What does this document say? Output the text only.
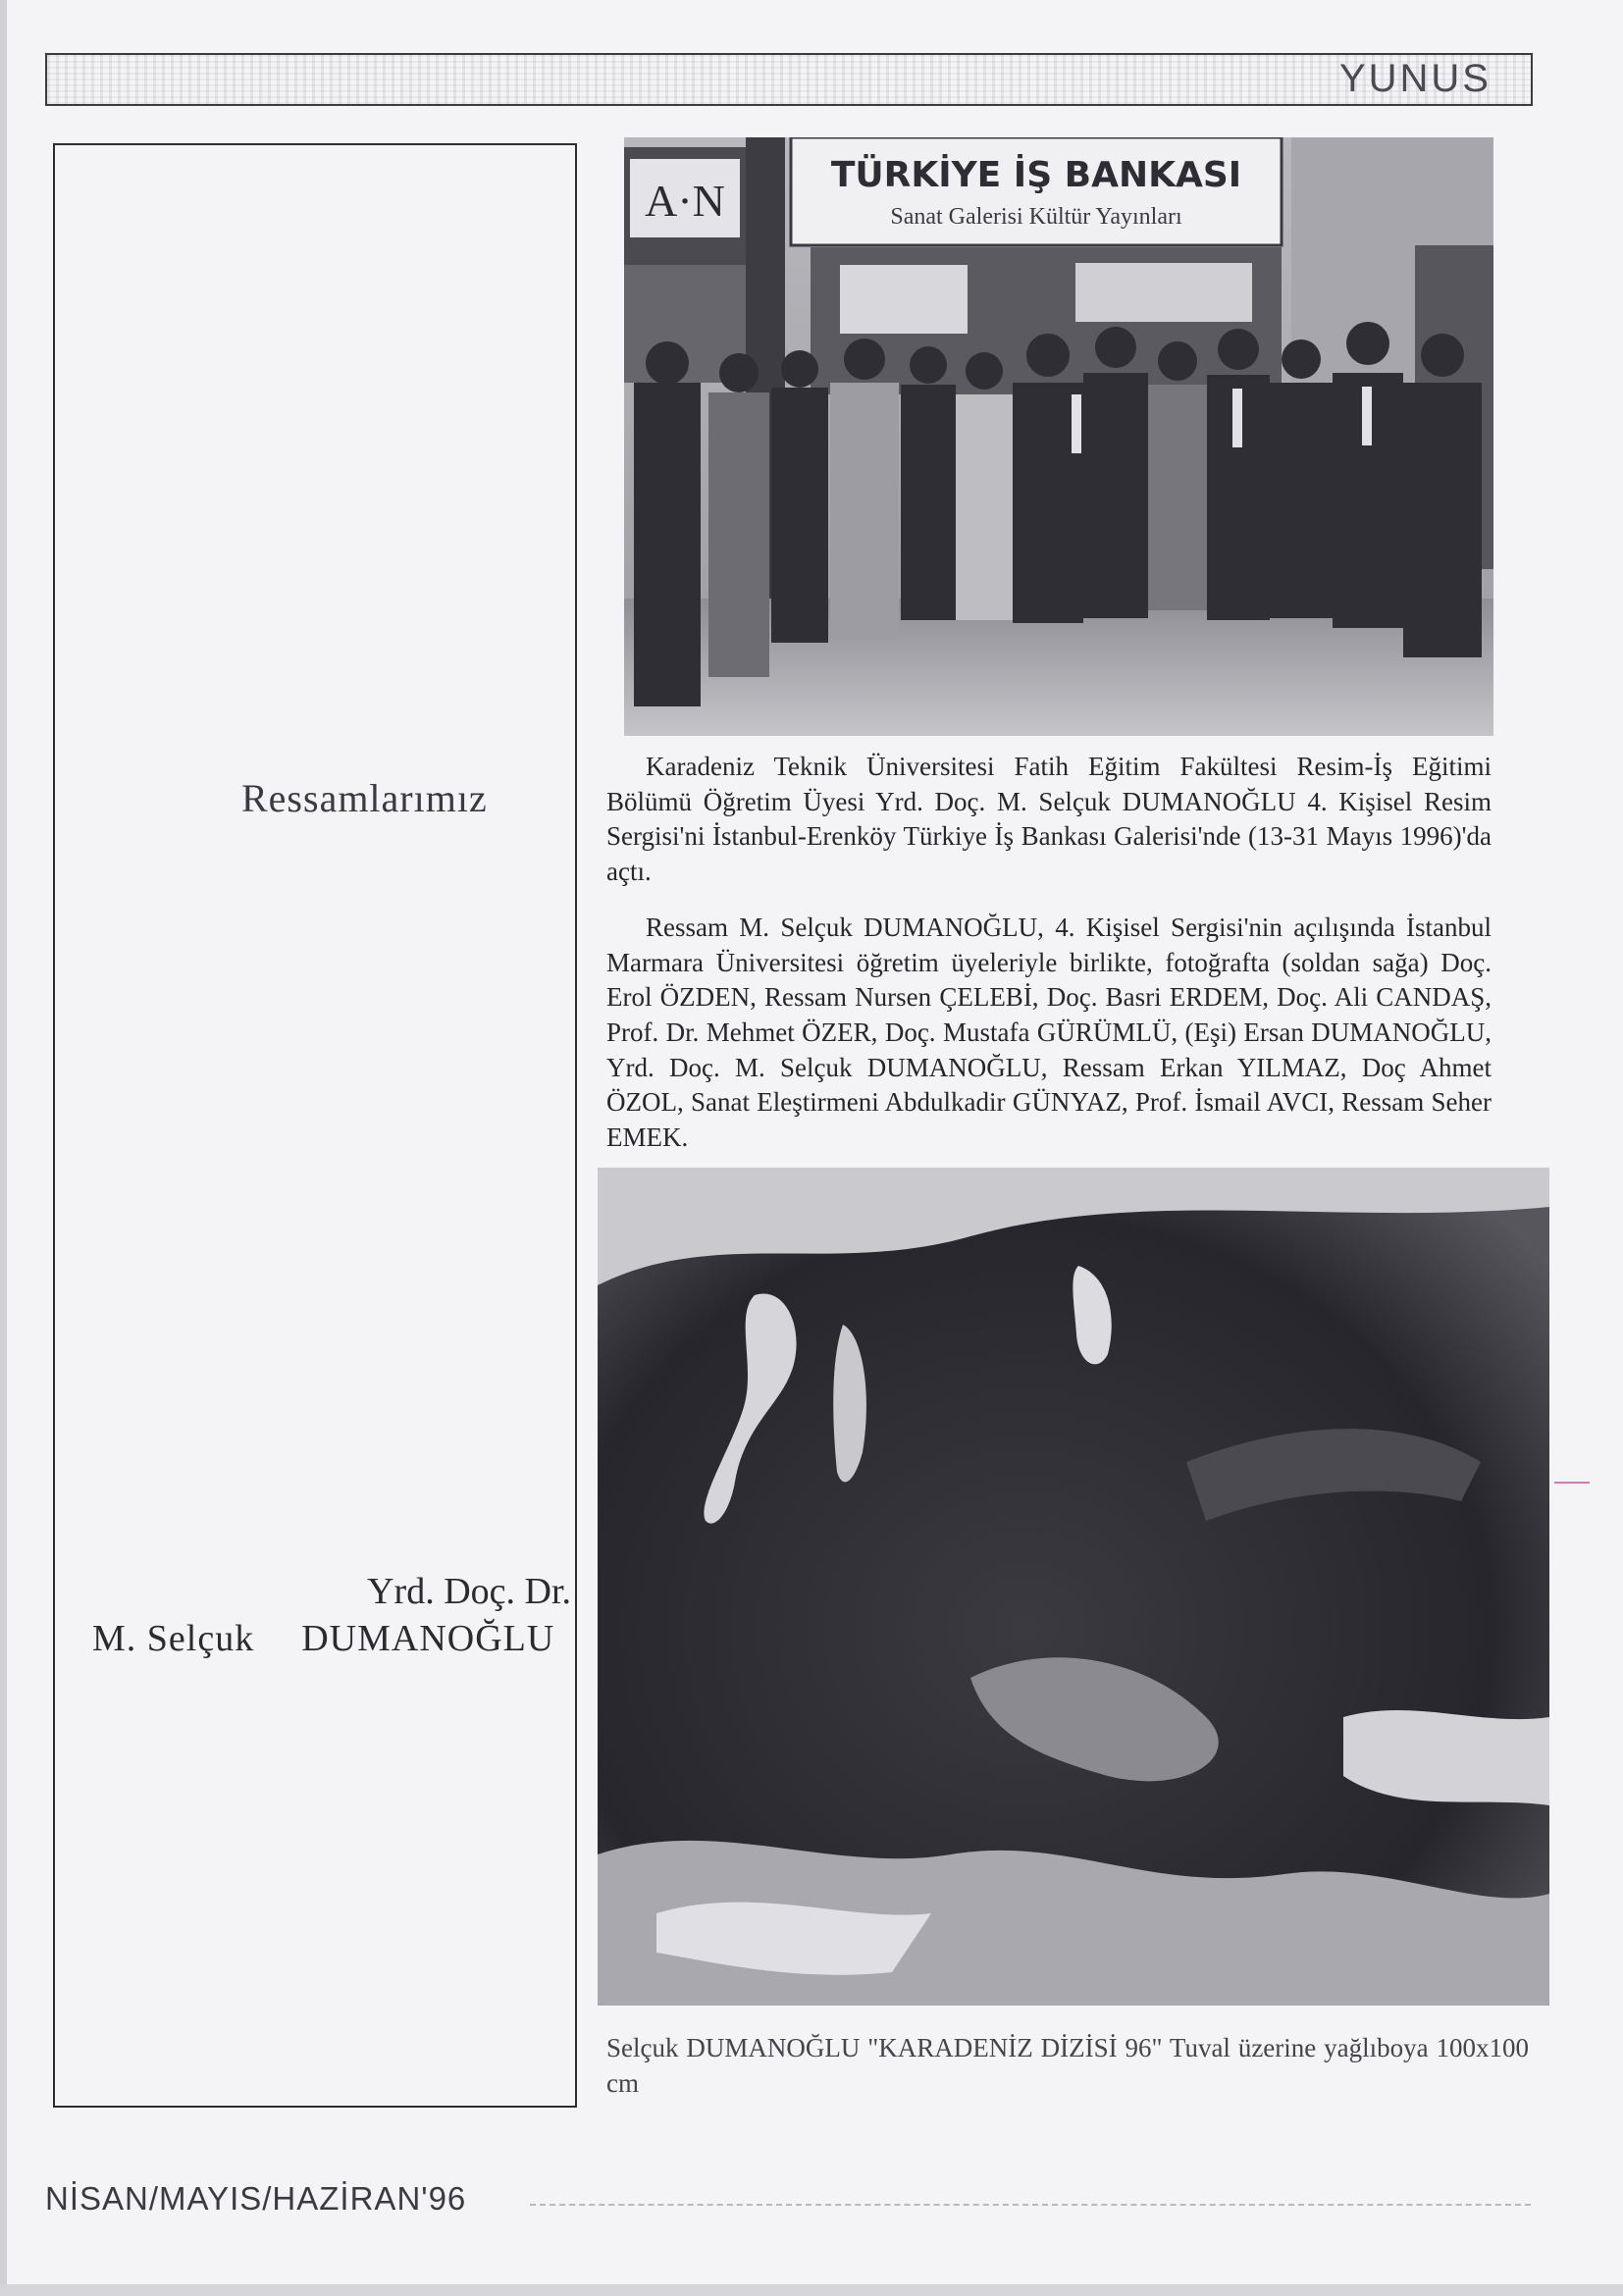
YUNUS
Ressamlarımız
Yrd. Doç. Dr.
M. Selçuk DUMANOĞLU
A·N
TÜRKİYE İŞ BANKASI
Sanat Galerisi Kültür Yayınları
Karadeniz Teknik Üniversitesi Fatih Eğitim Fakültesi Resim-İş Eğitimi Bölümü Öğretim Üyesi Yrd. Doç. M. Selçuk DUMANOĞLU 4. Kişisel Resim Sergisi'ni İstanbul-Erenköy Türkiye İş Bankası Galerisi'nde (13-31 Mayıs 1996)'da açtı.
Ressam M. Selçuk DUMANOĞLU, 4. Kişisel Sergisi'nin açılışında İstanbul Marmara Üniversitesi öğretim üyeleriyle birlikte, fotoğrafta (soldan sağa) Doç. Erol ÖZDEN, Ressam Nursen ÇELEBİ, Doç. Basri ERDEM, Doç. Ali CANDAŞ, Prof. Dr. Mehmet ÖZER, Doç. Mustafa GÜRÜMLÜ, (Eşi) Ersan DUMANOĞLU, Yrd. Doç. M. Selçuk DUMANOĞLU, Ressam Erkan YILMAZ, Doç Ahmet ÖZOL, Sanat Eleştirmeni Abdulkadir GÜNYAZ, Prof. İsmail AVCI, Ressam Seher EMEK.
Selçuk DUMANOĞLU "KARADENİZ DİZİSİ 96" Tuval üzerine yağlıboya 100x100 cm
NİSAN/MAYIS/HAZİRAN'96
